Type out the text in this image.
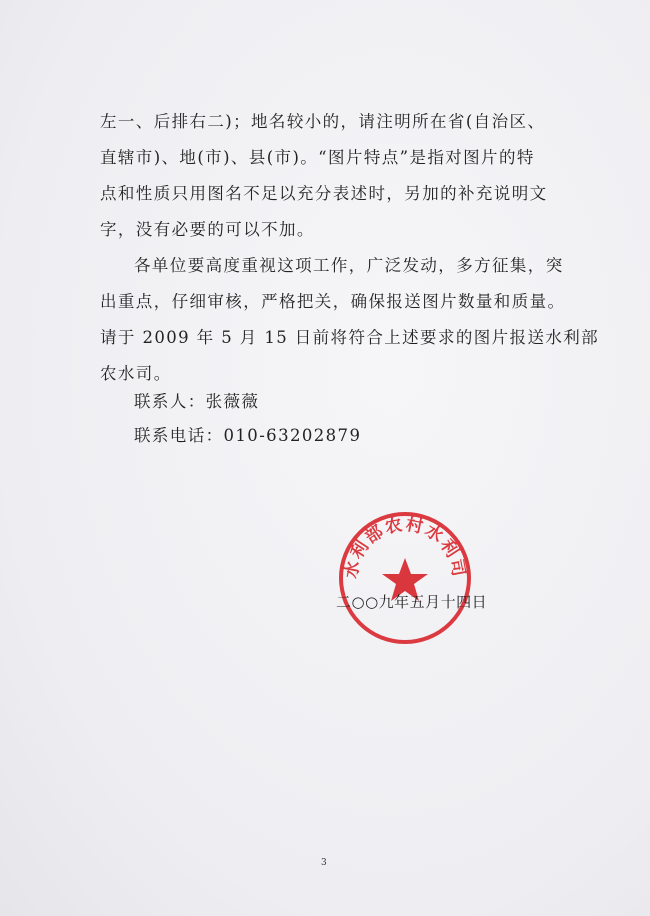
左一、后排右二)；地名较小的，请注明所在省(自治区、
直辖市)、地(市)、县(市)。“图片特点”是指对图片的特
点和性质只用图名不足以充分表述时，另加的补充说明文
字，没有必要的可以不加。
各单位要高度重视这项工作，广泛发动，多方征集，突
出重点，仔细审核，严格把关，确保报送图片数量和质量。
请于 2009 年 5 月 15 日前将符合上述要求的图片报送水利部
农水司。
联系人：张薇薇
联系电话：010-63202879
水利部农村水利司
二○○九年五月十四日
3
